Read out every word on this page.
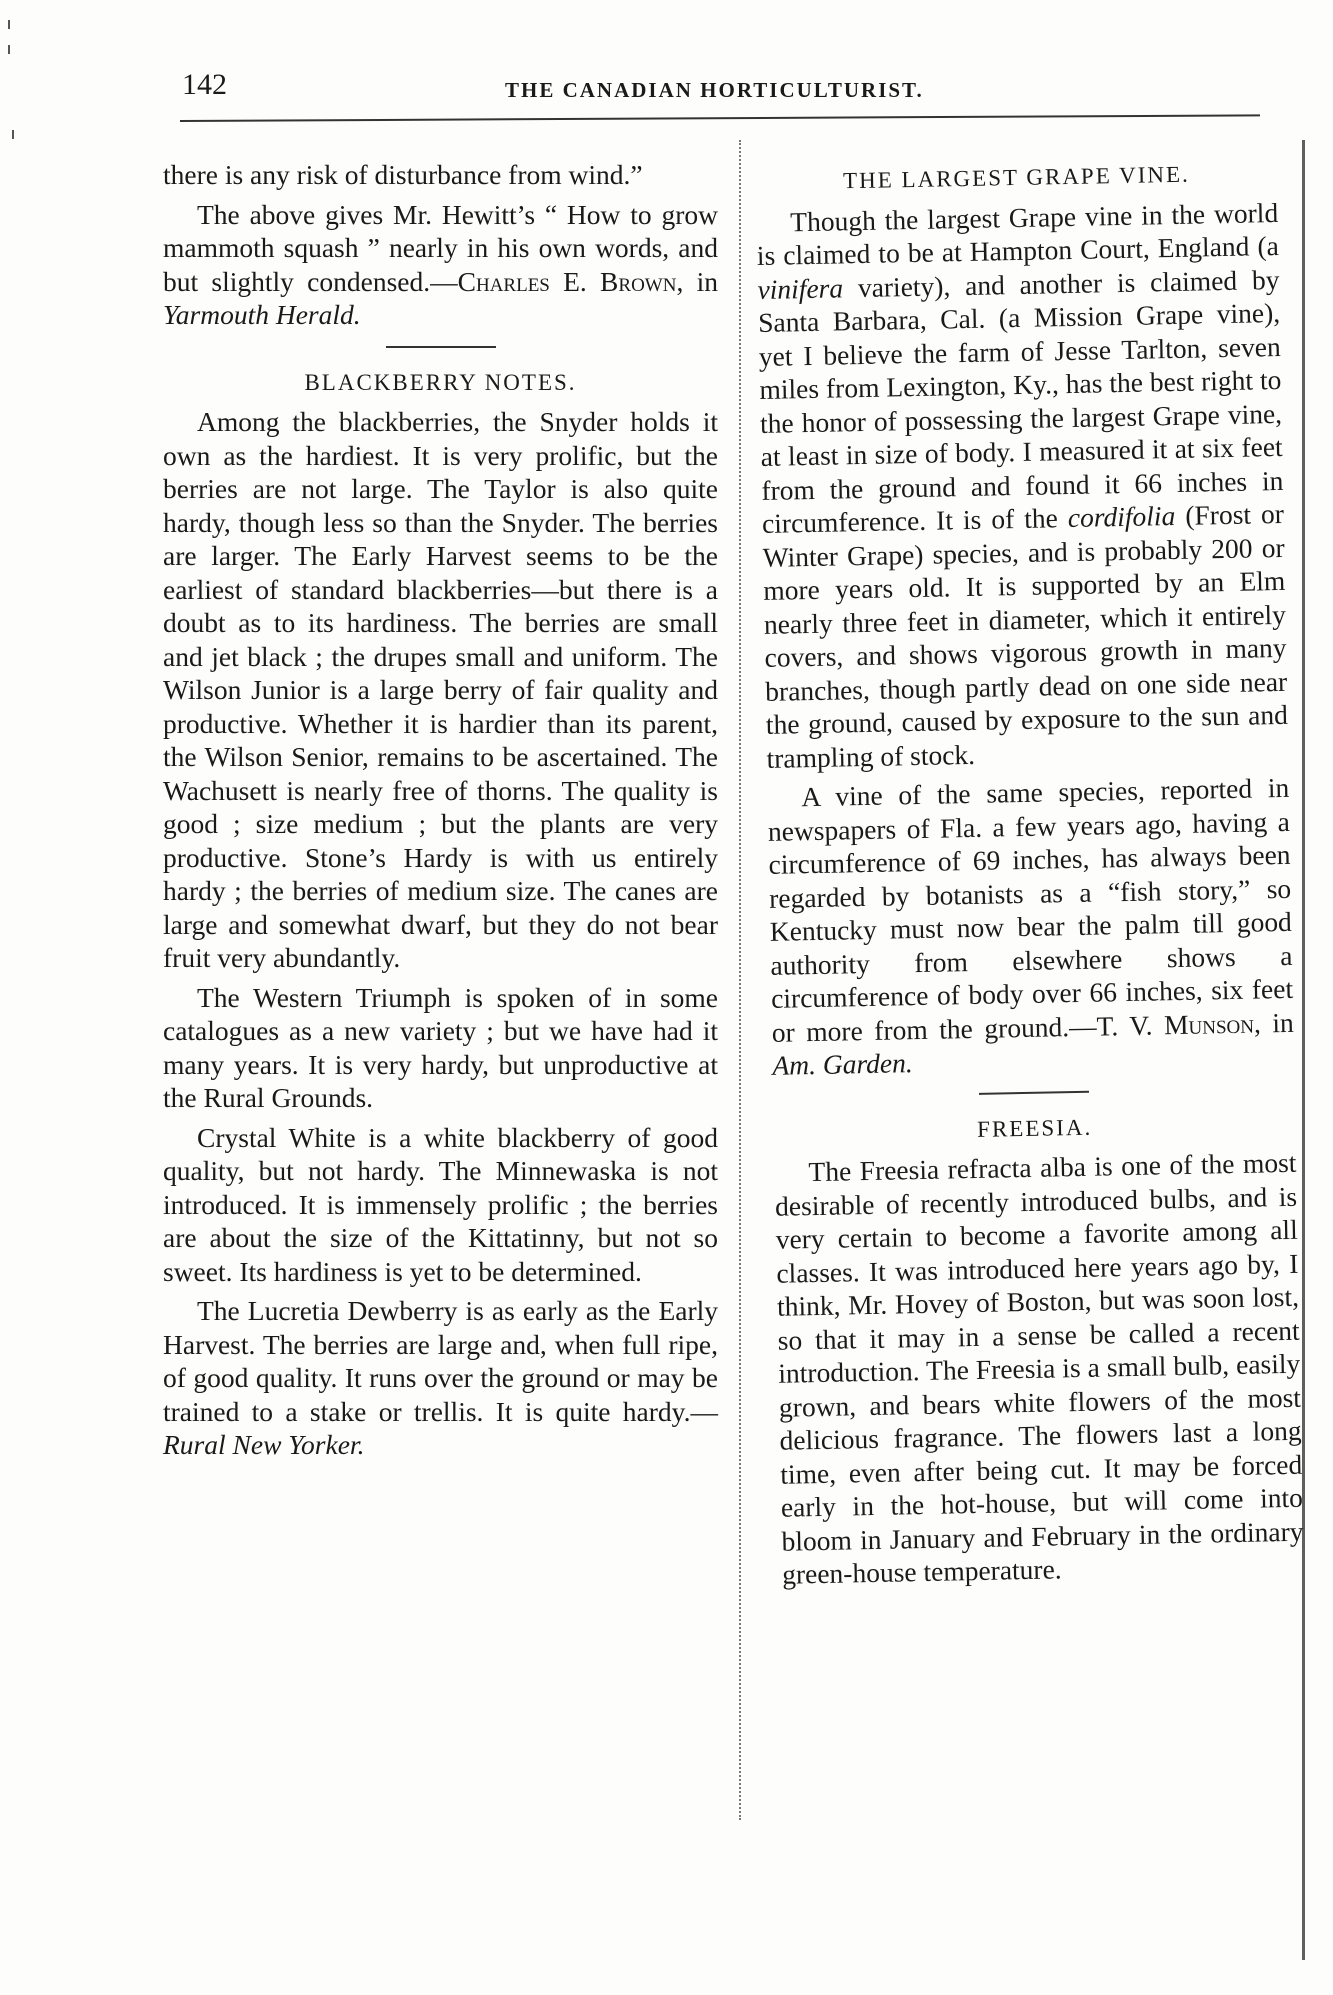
142	THE CANADIAN HORTICULTURIST.

there is any risk of disturbance from wind.”

The above gives Mr. Hewitt’s “ How to grow mammoth squash ” nearly in his own words, and but slightly condensed.—Charles E. Brown, in Yarmouth Herald.

BLACKBERRY NOTES.

Among the blackberries, the Snyder holds it own as the hardiest. It is very prolific, but the berries are not large. The Taylor is also quite hardy, though less so than the Snyder. The berries are larger. The Early Harvest seems to be the earliest of standard blackberries—but there is a doubt as to its hardiness. The berries are small and jet black ; the drupes small and uniform. The Wilson Junior is a large berry of fair quality and productive. Whether it is hardier than its parent, the Wilson Senior, remains to be ascertained. The Wachusett is nearly free of thorns. The quality is good ; size medium ; but the plants are very productive. Stone’s Hardy is with us entirely hardy ; the berries of medium size. The canes are large and somewhat dwarf, but they do not bear fruit very abundantly.

The Western Triumph is spoken of in some catalogues as a new variety ; but we have had it many years. It is very hardy, but unproductive at the Rural Grounds.

Crystal White is a white blackberry of good quality, but not hardy. The Minnewaska is not introduced. It is immensely prolific ; the berries are about the size of the Kittatinny, but not so sweet. Its hardiness is yet to be determined.

The Lucretia Dewberry is as early as the Early Harvest. The berries are large and, when full ripe, of good quality. It runs over the ground or may be trained to a stake or trellis. It is quite hardy.—Rural New Yorker.

THE LARGEST GRAPE VINE.

Though the largest Grape vine in the world is claimed to be at Hampton Court, England (a vinifera variety), and another is claimed by Santa Barbara, Cal. (a Mission Grape vine), yet I believe the farm of Jesse Tarlton, seven miles from Lexington, Ky., has the best right to the honor of possessing the largest Grape vine, at least in size of body. I measured it at six feet from the ground and found it 66 inches in circumference. It is of the cordifolia (Frost or Winter Grape) species, and is probably 200 or more years old. It is supported by an Elm nearly three feet in diameter, which it entirely covers, and shows vigorous growth in many branches, though partly dead on one side near the ground, caused by exposure to the sun and trampling of stock.

A vine of the same species, reported in newspapers of Fla. a few years ago, having a circumference of 69 inches, has always been regarded by botanists as a “fish story,” so Kentucky must now bear the palm till good authority from elsewhere shows a circumference of body over 66 inches, six feet or more from the ground.—T. V. Munson, in Am. Garden.

FREESIA.

The Freesia refracta alba is one of the most desirable of recently introduced bulbs, and is very certain to become a favorite among all classes. It was introduced here years ago by, I think, Mr. Hovey of Boston, but was soon lost, so that it may in a sense be called a recent introduction. The Freesia is a small bulb, easily grown, and bears white flowers of the most delicious fragrance. The flowers last a long time, even after being cut. It may be forced early in the hot-house, but will come into bloom in January and February in the ordinary green-house temperature.
